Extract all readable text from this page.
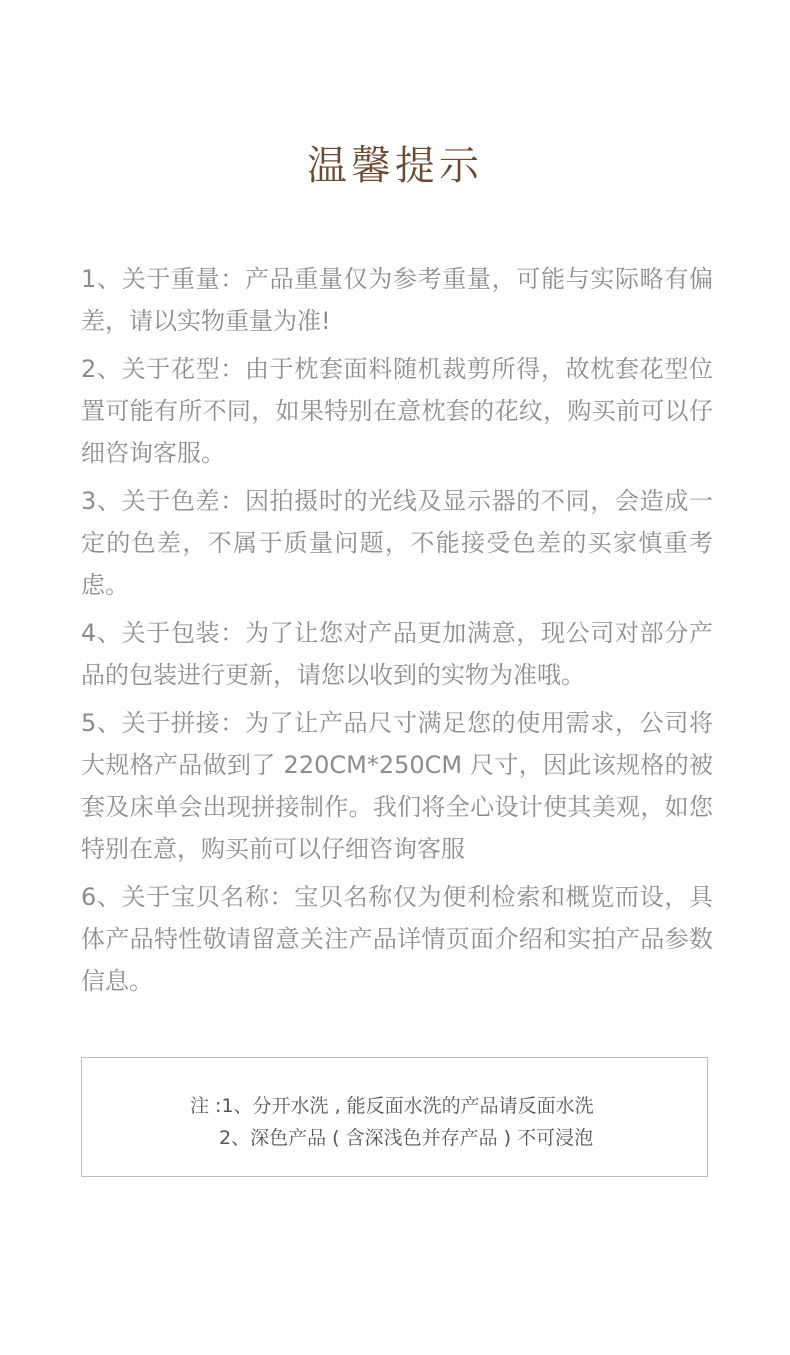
温馨提示

1、关于重量：产品重量仅为参考重量，可能与实际略有偏差，请以实物重量为准!

2、关于花型：由于枕套面料随机裁剪所得，故枕套花型位置可能有所不同，如果特别在意枕套的花纹，购买前可以仔细咨询客服。

3、关于色差：因拍摄时的光线及显示器的不同，会造成一定的色差，不属于质量问题，不能接受色差的买家慎重考虑。

4、关于包装：为了让您对产品更加满意，现公司对部分产品的包装进行更新，请您以收到的实物为准哦。

5、关于拼接：为了让产品尺寸满足您的使用需求，公司将大规格产品做到了 220CM*250CM 尺寸，因此该规格的被套及床单会出现拼接制作。我们将全心设计使其美观，如您特别在意，购买前可以仔细咨询客服

6、关于宝贝名称：宝贝名称仅为便利检索和概览而设，具体产品特性敬请留意关注产品详情页面介绍和实拍产品参数信息。

注 :1、分开水洗 , 能反面水洗的产品请反面水洗
2、深色产品 ( 含深浅色并存产品 ) 不可浸泡
